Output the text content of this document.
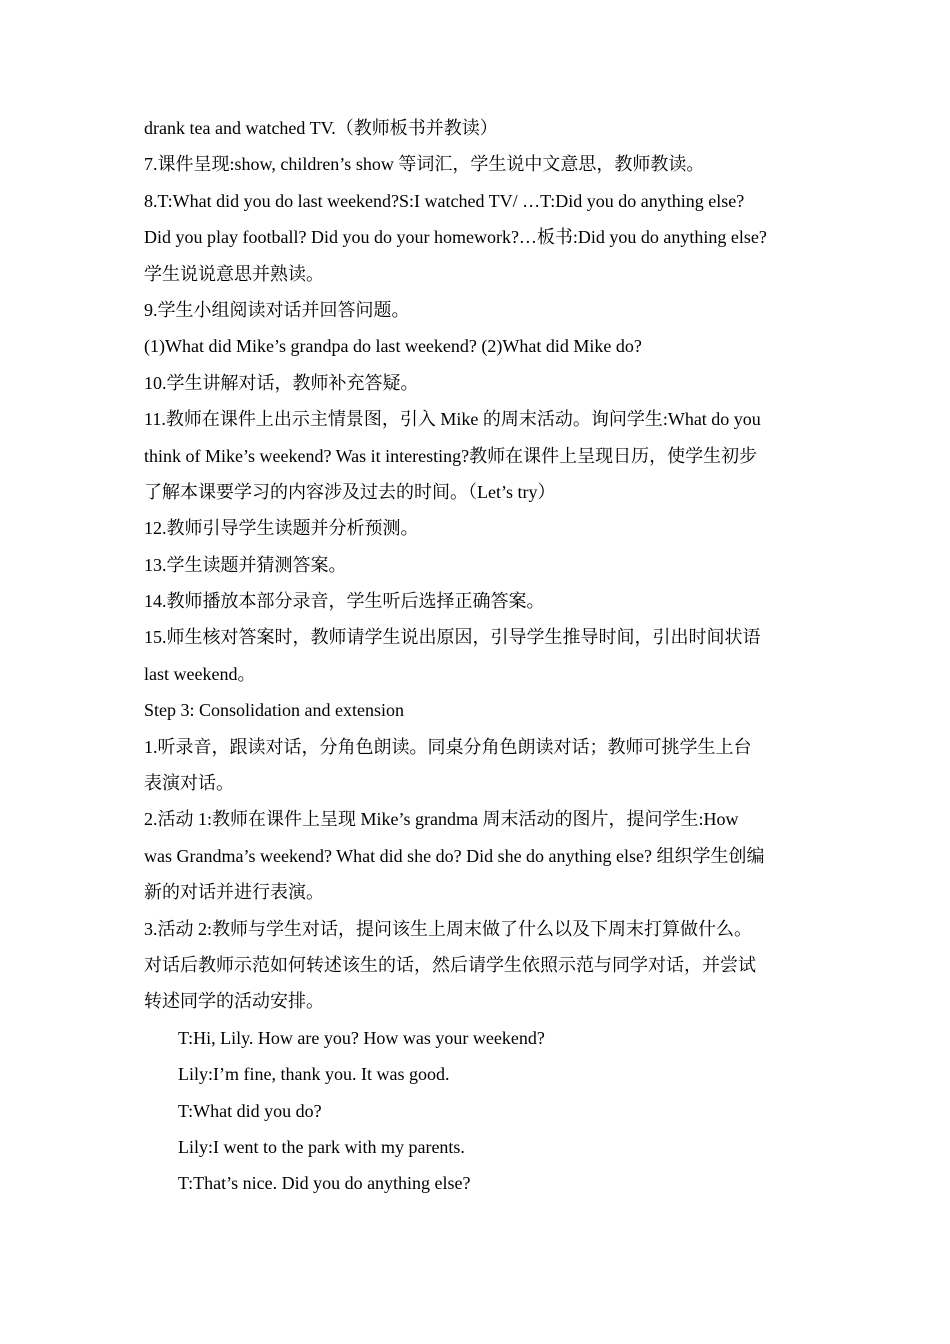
drank tea and watched TV.（教师板书并教读）
7.课件呈现:show, children’s show 等词汇，学生说中文意思，教师教读。
8.T:What did you do last weekend?S:I watched TV/ …T:Did you do anything else?
Did you play football? Did you do your homework?…板书:Did you do anything else?
学生说说意思并熟读。
9.学生小组阅读对话并回答问题。
(1)What did Mike’s grandpa do last weekend? (2)What did Mike do?
10.学生讲解对话，教师补充答疑。
11.教师在课件上出示主情景图，引入 Mike 的周末活动。询问学生:What do you
think of Mike’s weekend? Was it interesting?教师在课件上呈现日历，使学生初步
了解本课要学习的内容涉及过去的时间。（Let’s try）
12.教师引导学生读题并分析预测。
13.学生读题并猜测答案。
14.教师播放本部分录音，学生听后选择正确答案。
15.师生核对答案时，教师请学生说出原因，引导学生推导时间，引出时间状语
last weekend。
Step 3: Consolidation and extension
1.听录音，跟读对话，分角色朗读。同桌分角色朗读对话；教师可挑学生上台
表演对话。
2.活动 1:教师在课件上呈现 Mike’s grandma 周末活动的图片，提问学生:How
was Grandma’s weekend? What did she do? Did she do anything else? 组织学生创编
新的对话并进行表演。
3.活动 2:教师与学生对话，提问该生上周末做了什么以及下周末打算做什么。
对话后教师示范如何转述该生的话，然后请学生依照示范与同学对话，并尝试
转述同学的活动安排。
T:Hi, Lily. How are you? How was your weekend?
Lily:I’m fine, thank you. It was good.
T:What did you do?
Lily:I went to the park with my parents.
T:That’s nice. Did you do anything else?
